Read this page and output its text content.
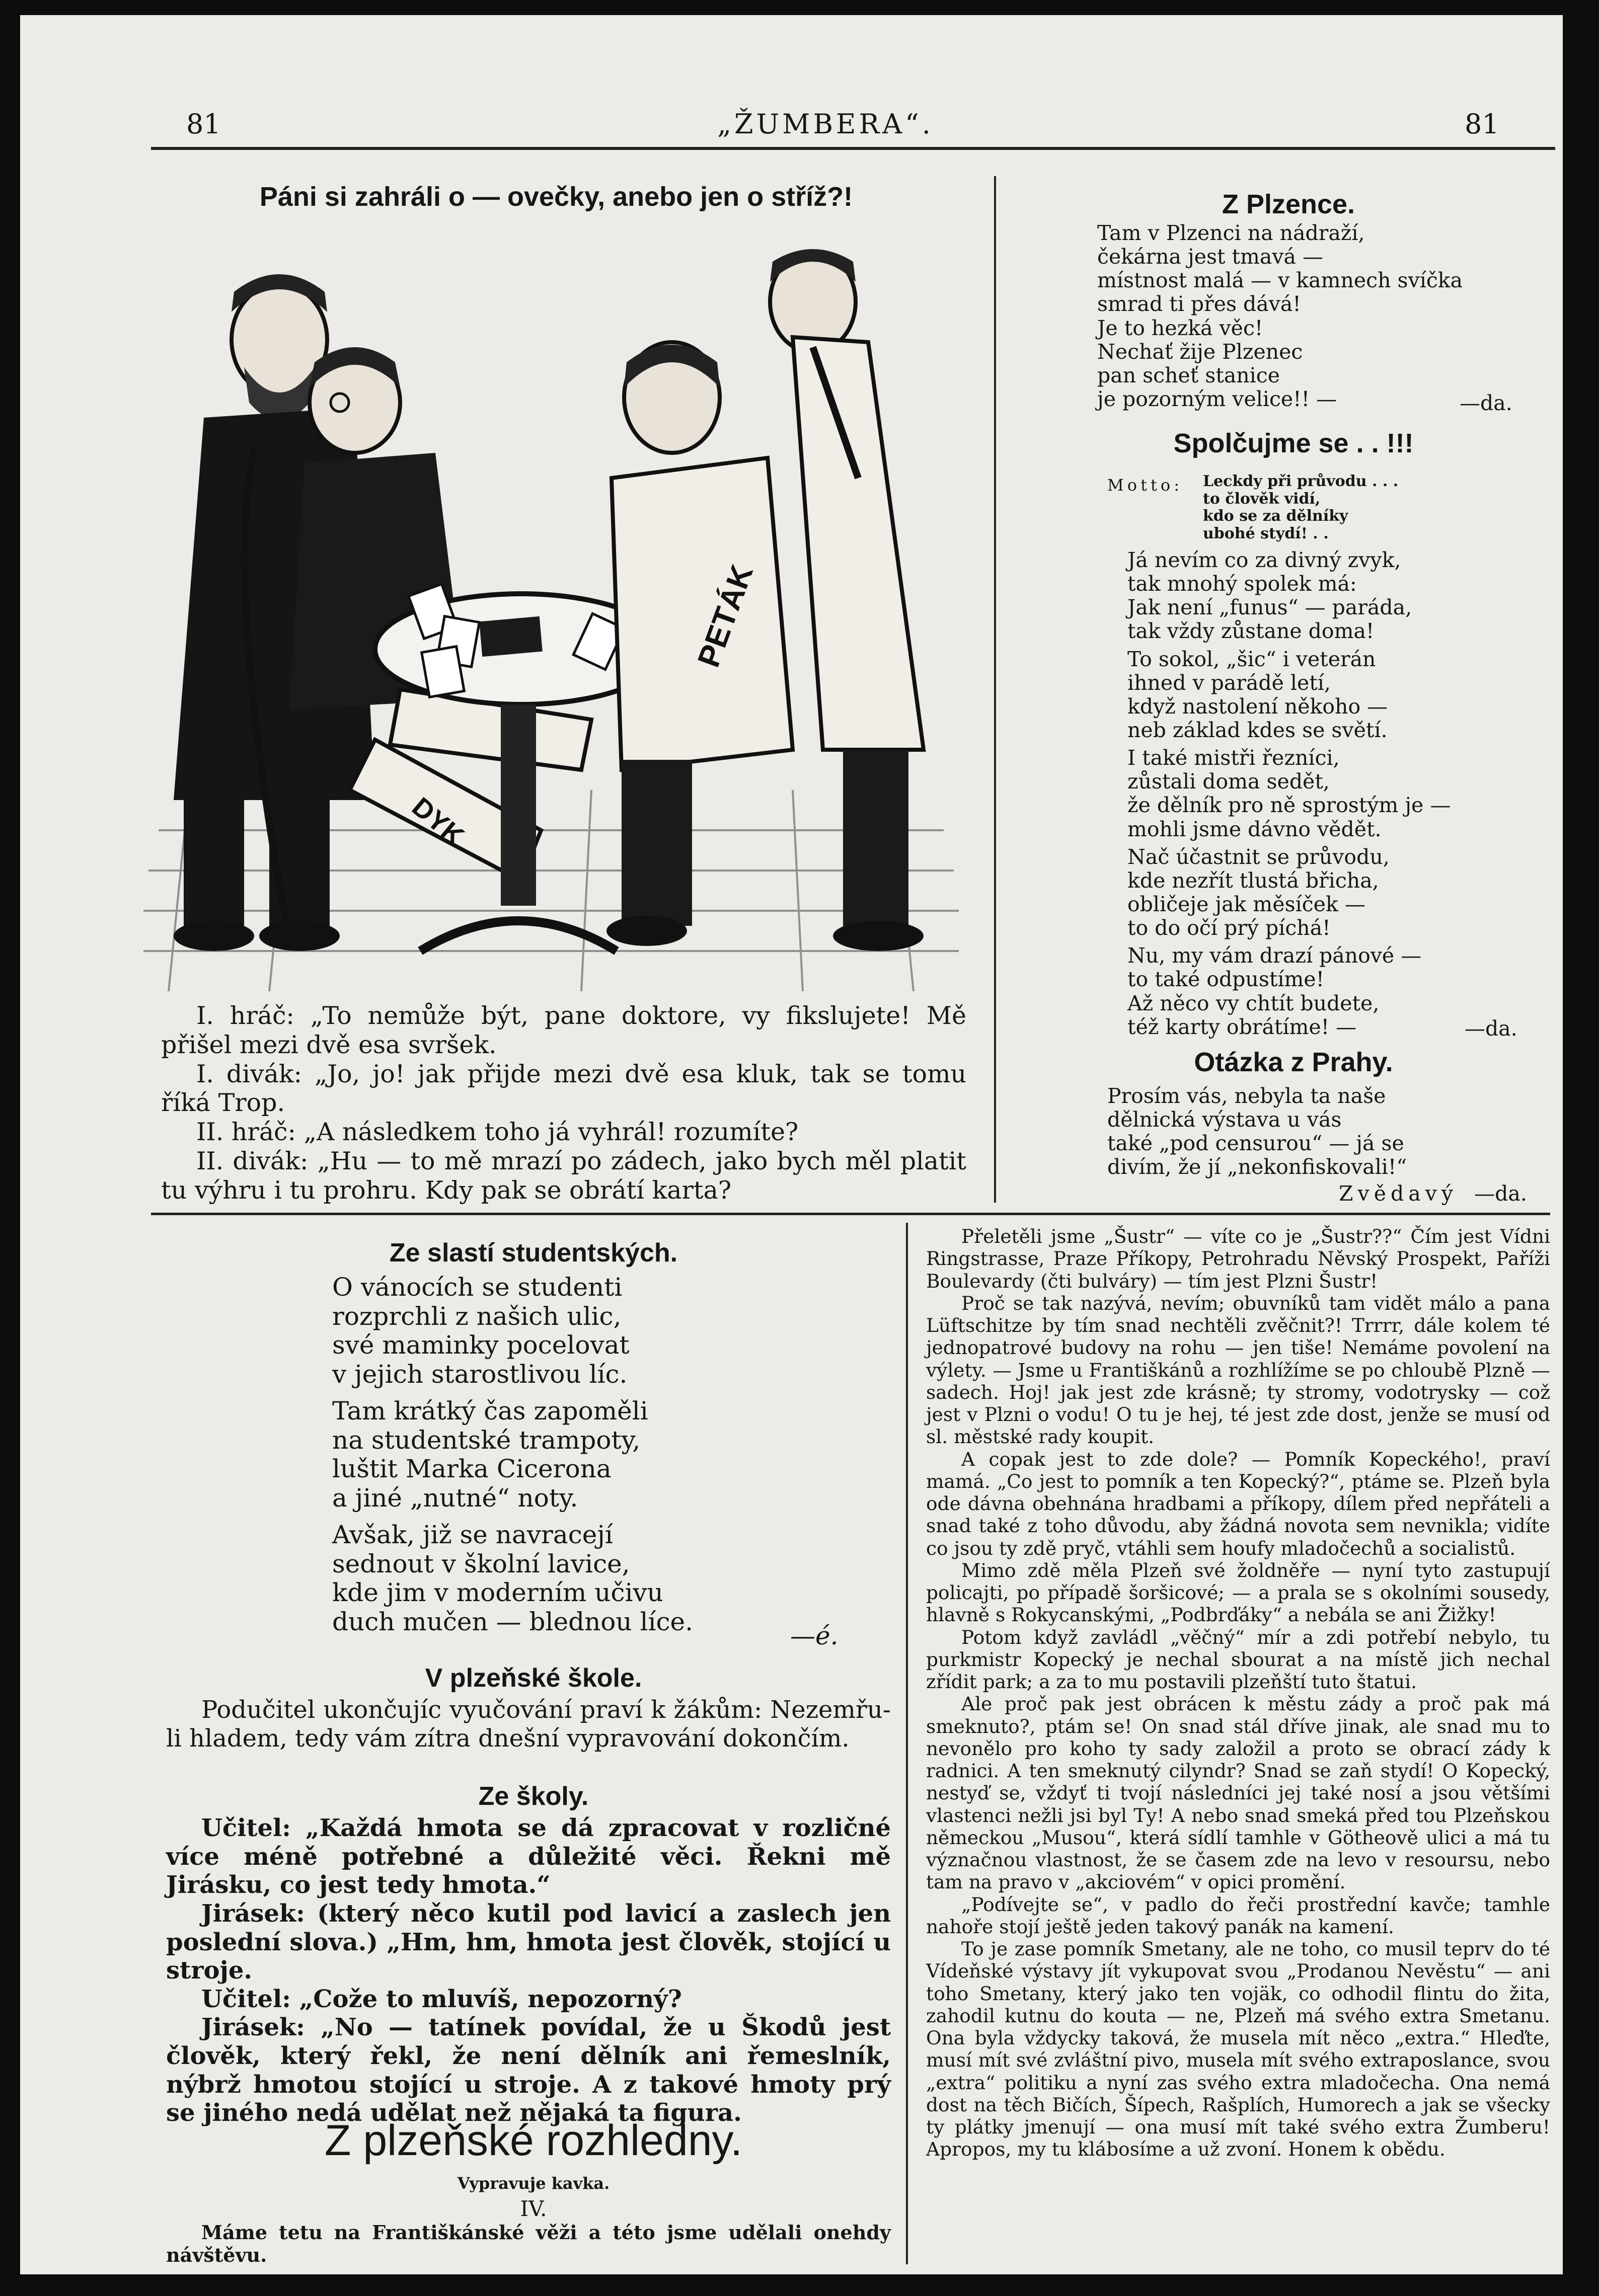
81	„ŽUMBERA“.	81
Páni si zahráli o — ovečky, anebo jen o stříž?!
DYK
PETÁK

I. hráč: „To nemůže být, pane doktore, vy fikslujete! Mě přišel mezi dvě esa svršek.

I. divák: „Jo, jo! jak přijde mezi dvě esa kluk, tak se tomu říká Trop.

II. hráč: „A následkem toho já vyhrál! rozumíte?

II. divák: „Hu — to mě mrazí po zádech, jako bych měl platit tu výhru i tu prohru. Kdy pak se obrátí karta?

Z Plzence.

Tam v Plzenci na nádraží,

čekárna jest tmavá —

místnost malá — v kamnech svíčka

smrad ti přes dává!

Je to hezká věc!

Nechať žije Plzenec

pan scheť stanice

je pozorným velice!! —	—da.
Spolčujme se . . !!!
Motto: Leckdy při průvodu . . .

to člověk vidí,

kdo se za dělníky

ubohé stydí! . .

Já nevím co za divný zvyk,

tak mnohý spolek má:

Jak není „funus“ — paráda,

tak vždy zůstane doma!

To sokol, „šic“ i veterán

ihned v parádě letí,

když nastolení někoho —

neb základ kdes se světí.

I také mistři řezníci,

zůstali doma sedět,

že dělník pro ně sprostým je —

mohli jsme dávno vědět.

Nač účastnit se průvodu,

kde nezřít tlustá břicha,

obličeje jak měsíček —

to do očí prý píchá!

Nu, my vám drazí pánové —

to také odpustíme!

Až něco vy chtít budete,

též karty obrátíme! —	—da.
Otázka z Prahy.

Prosím vás, nebyla ta naše

dělnická výstava u vás

také „pod censurou“ — já se

divím, že jí „nekonfiskovali!“

Zvědavý —da.
Ze slastí studentských.

O vánocích se studenti

rozprchli z našich ulic,

své maminky pocelovat

v jejich starostlivou líc.

Tam krátký čas zapoměli

na studentské trampoty,

luštit Marka Cicerona

a jiné „nutné“ noty.

Avšak, již se navracejí

sednout v školní lavice,

kde jim v moderním učivu

duch mučen — blednou líce.	—é.
V plzeňské škole.

Podučitel ukončujíc vyučování praví k žákům: Nezemřu-li hladem, tedy vám zítra dnešní vypravování dokončím.

Ze školy.

Učitel: „Každá hmota se dá zpracovat v rozličné více méně potřebné a důležité věci. Řekni mě Jirásku, co jest tedy hmota.“

Jirásek: (který něco kutil pod lavicí a zaslech jen poslední slova.) „Hm, hm, hmota jest člověk, stojící u stroje.

Učitel: „Cože to mluvíš, nepozorný?

Jirásek: „No — tatínek povídal, že u Škodů jest člověk, který řekl, že není dělník ani řemeslník, nýbrž hmotou stojící u stroje. A z takové hmoty prý se jiného nedá udělat než nějaká ta figura.

Z plzeňské rozhledny.
Vypravuje kavka.
IV.

Máme tetu na Františkánské věži a této jsme udělali onehdy návštěvu.

Přeletěli jsme „Šustr“ — víte co je „Šustr??“ Čím jest Vídni Ringstrasse, Praze Příkopy, Petrohradu Něvský Prospekt, Paříži Boulevardy (čti bulváry) — tím jest Plzni Šustr!

Proč se tak nazývá, nevím; obuvníků tam vidět málo a pana Lüftschitze by tím snad nechtěli zvěčnit?! Trrrr, dále kolem té jednopatrové budovy na rohu — jen tiše! Nemáme povolení na výlety. — Jsme u Františkánů a rozhlížíme se po chloubě Plzně — sadech. Hoj! jak jest zde krásně; ty stromy, vodotrysky — což jest v Plzni o vodu! O tu je hej, té jest zde dost, jenže se musí od sl. městské rady koupit.

A copak jest to zde dole? — Pomník Kopeckého!, praví mamá. „Co jest to pomník a ten Kopecký?“, ptáme se. Plzeň byla ode dávna obehnána hradbami a příkopy, dílem před nepřáteli a snad také z toho důvodu, aby žádná novota sem nevnikla; vidíte co jsou ty zdě pryč, vtáhli sem houfy mladočechů a socialistů.

Mimo zdě měla Plzeň své žoldněře — nyní tyto zastupují policajti, po případě šoršicové; — a prala se s okolními sousedy, hlavně s Rokycanskými, „Podbrďáky“ a nebála se ani Žižky!

Potom když zavládl „věčný“ mír a zdi potřebí nebylo, tu purkmistr Kopecký je nechal sbourat a na místě jich nechal zřídit park; a za to mu postavili plzeňští tuto štatui.

Ale proč pak jest obrácen k městu zády a proč pak má smeknuto?, ptám se! On snad stál dříve jinak, ale snad mu to nevonělo pro koho ty sady založil a proto se obrací zády k radnici. A ten smeknutý cilyndr? Snad se zaň stydí! O Kopecký, nestyď se, vždyť ti tvojí následníci jej také nosí a jsou většími vlastenci nežli jsi byl Ty! A nebo snad smeká před tou Plzeňskou německou „Musou“, která sídlí tamhle v Götheově ulici a má tu význačnou vlastnost, že se časem zde na levo v resoursu, nebo tam na pravo v „akciovém“ v opici promění.

„Podívejte se“, v padlo do řeči prostřední kavče; tamhle nahoře stojí ještě jeden takový panák na kamení.

To je zase pomník Smetany, ale ne toho, co musil teprv do té Vídeňské výstavy jít vykupovat svou „Prodanou Nevěstu“ — ani toho Smetany, který jako ten vojäk, co odhodil flintu do žita, zahodil kutnu do kouta — ne, Plzeň má svého extra Smetanu. Ona byla vždycky taková, že musela mít něco „extra.“ Hleďte, musí mít své zvláštní pivo, musela mít svého extraposlance, svou „extra“ politiku a nyní zas svého extra mladočecha. Ona nemá dost na těch Bičích, Šípech, Rašplích, Humorech a jak se všecky ty plátky jmenují — ona musí mít také svého extra Žumberu! Apropos, my tu klábosíme a už zvoní. Honem k obědu.
